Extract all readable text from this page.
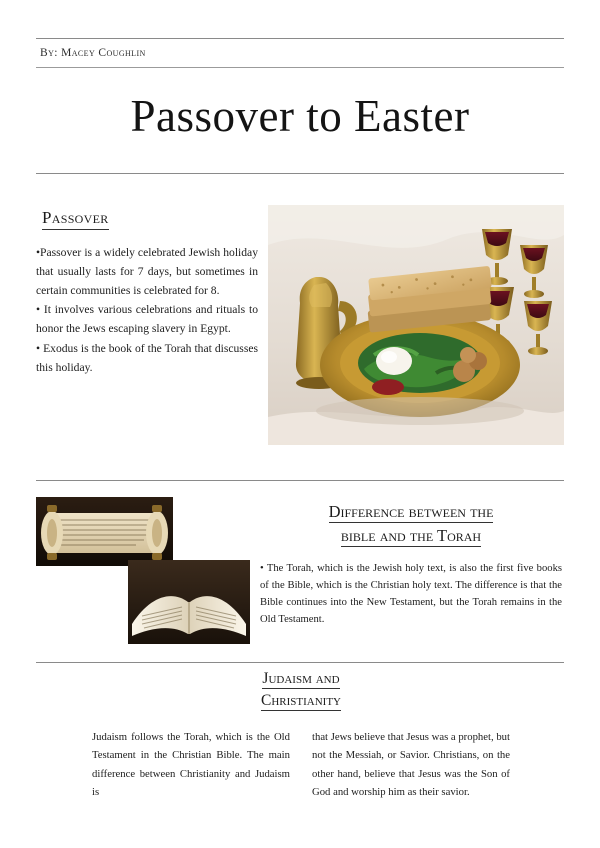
By: Macey Coughlin
Passover to Easter
Passover

•Passover is a widely celebrated Jewish holiday that usually lasts for 7 days, but sometimes in certain communities is celebrated for 8.

• It involves various celebrations and rituals to honor the Jews escaping slavery in Egypt.

• Exodus is the book of the Torah that discusses this holiday.

Difference between the
bible and the Torah
• The Torah, which is the Jewish holy text, is also the first five books of the Bible, which is the Christian holy text. The difference is that the Bible continues into the New Testament, but the Torah remains in the Old Testament.
Judaism and
Christianity

Judaism follows the Torah, which is the Old Testament in the Christian Bible. The main difference between Christianity and Judaism is

that Jews believe that Jesus was a prophet, but not the Messiah, or Savior. Christians, on the other hand, believe that Jesus was the Son of God and worship him as their savior.
